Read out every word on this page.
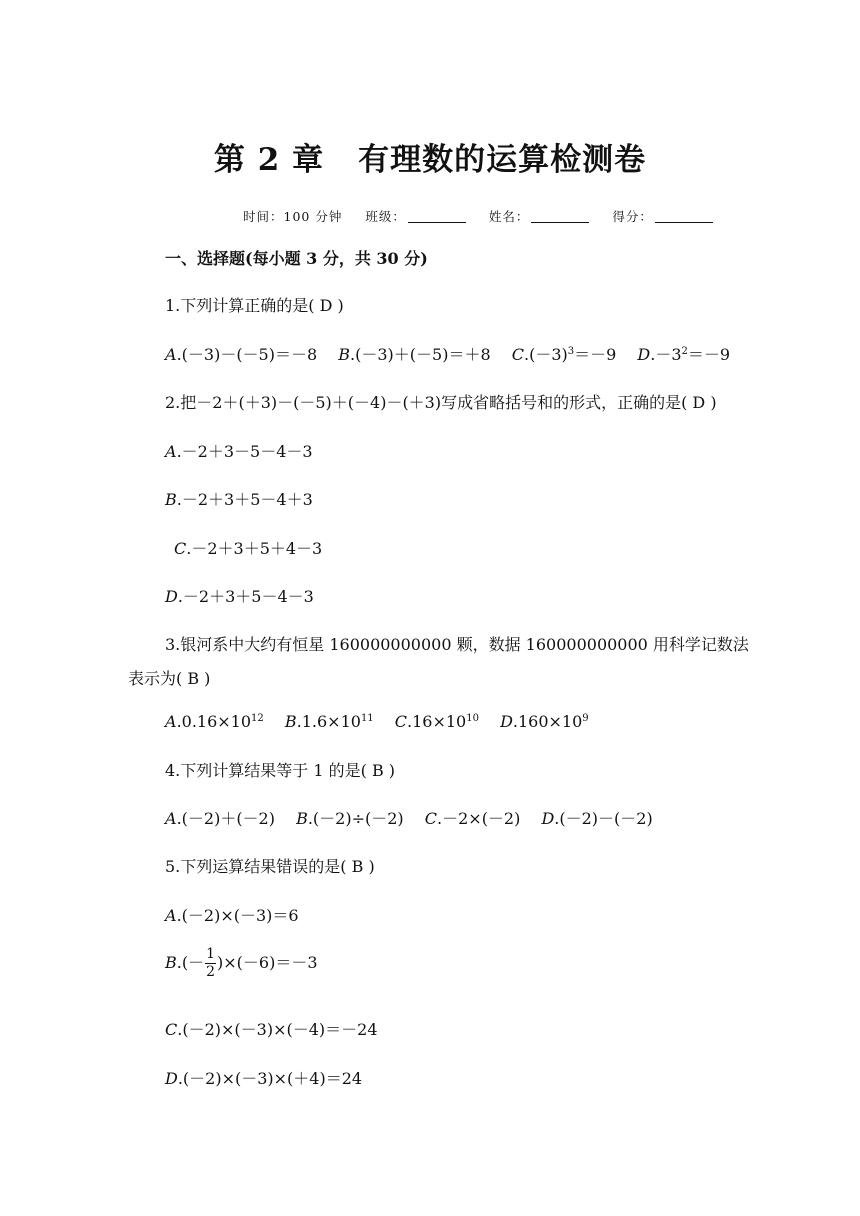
第 2 章 有理数的运算检测卷
时间：100 分钟 班级：	姓名：	得分：
一、选择题(每小题 3 分，共 30 分)
1.下列计算正确的是( D )
A.(－3)－(－5)＝－8 B.(－3)＋(－5)＝＋8 $C.(-3)^3=-9$ $D.-3^2=-9$
2.把－2＋(＋3)－(－5)＋(－4)－(＋3)写成省略括号和的形式，正确的是( D )
A.－2＋3－5－4－3
B.－2＋3＋5－4＋3
C.－2＋3＋5＋4－3
D.－2＋3＋5－4－3
3.银河系中大约有恒星 160000000000 颗，数据 160000000000 用科学记数法
表示为( B )
$A.0.16\times 10^{12}$ $B.1.6\times 10^{11}$ $C.16\times 10^{10}$ $D.160\times 10^9$
4.下列计算结果等于 1 的是( B )
A.(－2)＋(－2) B.(－2)÷(－2) C.－2×(－2) D.(－2)－(－2)
5.下列运算结果错误的是( B )
A.(－2)×(－3)＝6
$B.(- \frac{1}{2} )\times(-6)=-3$
C.(－2)×(－3)×(－4)＝－24
D.(－2)×(－3)×(＋4)＝24
